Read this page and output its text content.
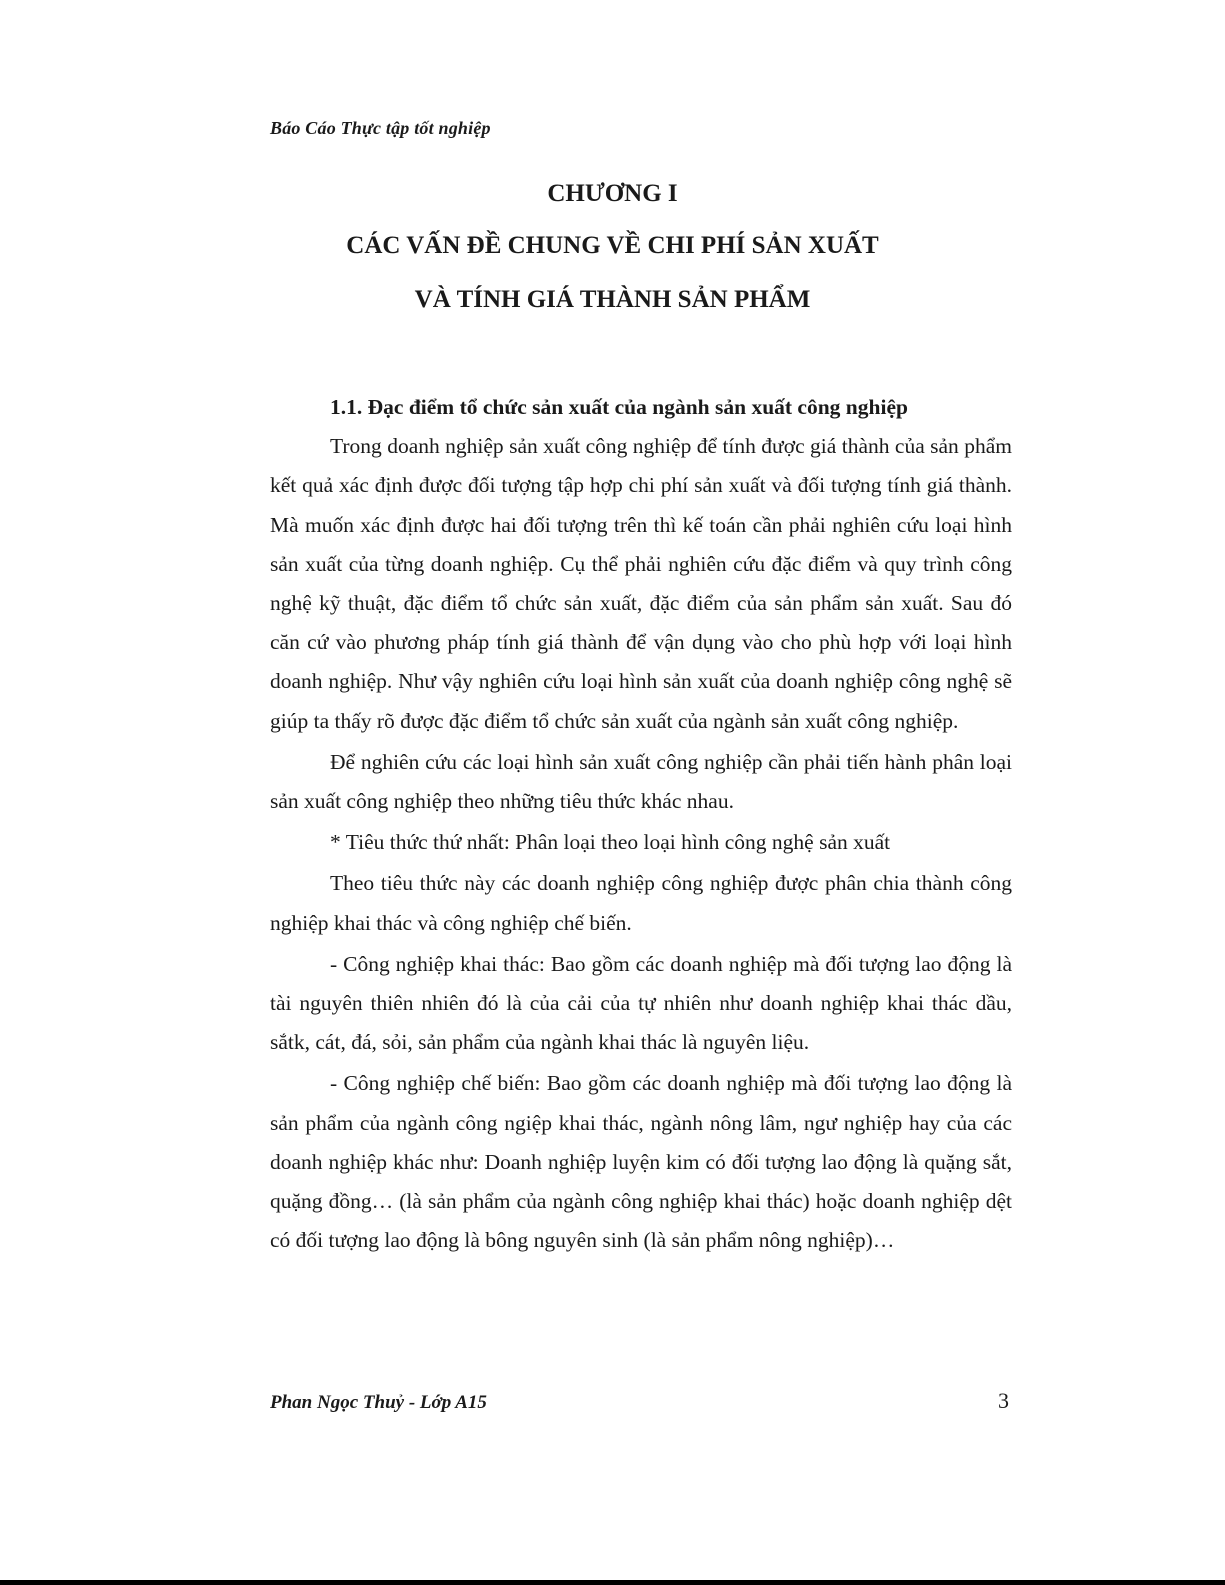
Báo Cáo Thực tập tốt nghiệp
CHƯƠNG I
CÁC VẤN ĐỀ CHUNG VỀ CHI PHÍ SẢN XUẤT
VÀ TÍNH GIÁ THÀNH SẢN PHẨM

1.1. Đạc điểm tổ chức sản xuất của ngành sản xuất công nghiệp

Trong doanh nghiệp sản xuất công nghiệp để tính được giá thành của sản phẩm kết quả xác định được đối tượng tập hợp chi phí sản xuất và đối tượng tính giá thành. Mà muốn xác định được hai đối tượng trên thì kế toán cần phải nghiên cứu loại hình sản xuất của từng doanh nghiệp. Cụ thể phải nghiên cứu đặc điểm và quy trình công nghệ kỹ thuật, đặc điểm tổ chức sản xuất, đặc điểm của sản phẩm sản xuất. Sau đó căn cứ vào phương pháp tính giá thành để vận dụng vào cho phù hợp với loại hình doanh nghiệp. Như vậy nghiên cứu loại hình sản xuất của doanh nghiệp công nghệ sẽ giúp ta thấy rõ được đặc điểm tổ chức sản xuất của ngành sản xuất công nghiệp.

Để nghiên cứu các loại hình sản xuất công nghiệp cần phải tiến hành phân loại sản xuất công nghiệp theo những tiêu thức khác nhau.

* Tiêu thức thứ nhất: Phân loại theo loại hình công nghệ sản xuất

Theo tiêu thức này các doanh nghiệp công nghiệp được phân chia thành công nghiệp khai thác và công nghiệp chế biến.

- Công nghiệp khai thác: Bao gồm các doanh nghiệp mà đối tượng lao động là tài nguyên thiên nhiên đó là của cải của tự nhiên như doanh nghiệp khai thác dầu, sắtk, cát, đá, sỏi, sản phẩm của ngành khai thác là nguyên liệu.

- Công nghiệp chế biến: Bao gồm các doanh nghiệp mà đối tượng lao động là sản phẩm của ngành công ngiệp khai thác, ngành nông lâm, ngư nghiệp hay của các doanh nghiệp khác như: Doanh nghiệp luyện kim có đối tượng lao động là quặng sắt, quặng đồng… (là sản phẩm của ngành công nghiệp khai thác) hoặc doanh nghiệp dệt có đối tượng lao động là bông nguyên sinh (là sản phẩm nông nghiệp)…

Phan Ngọc Thuỷ - Lớp A15	3
